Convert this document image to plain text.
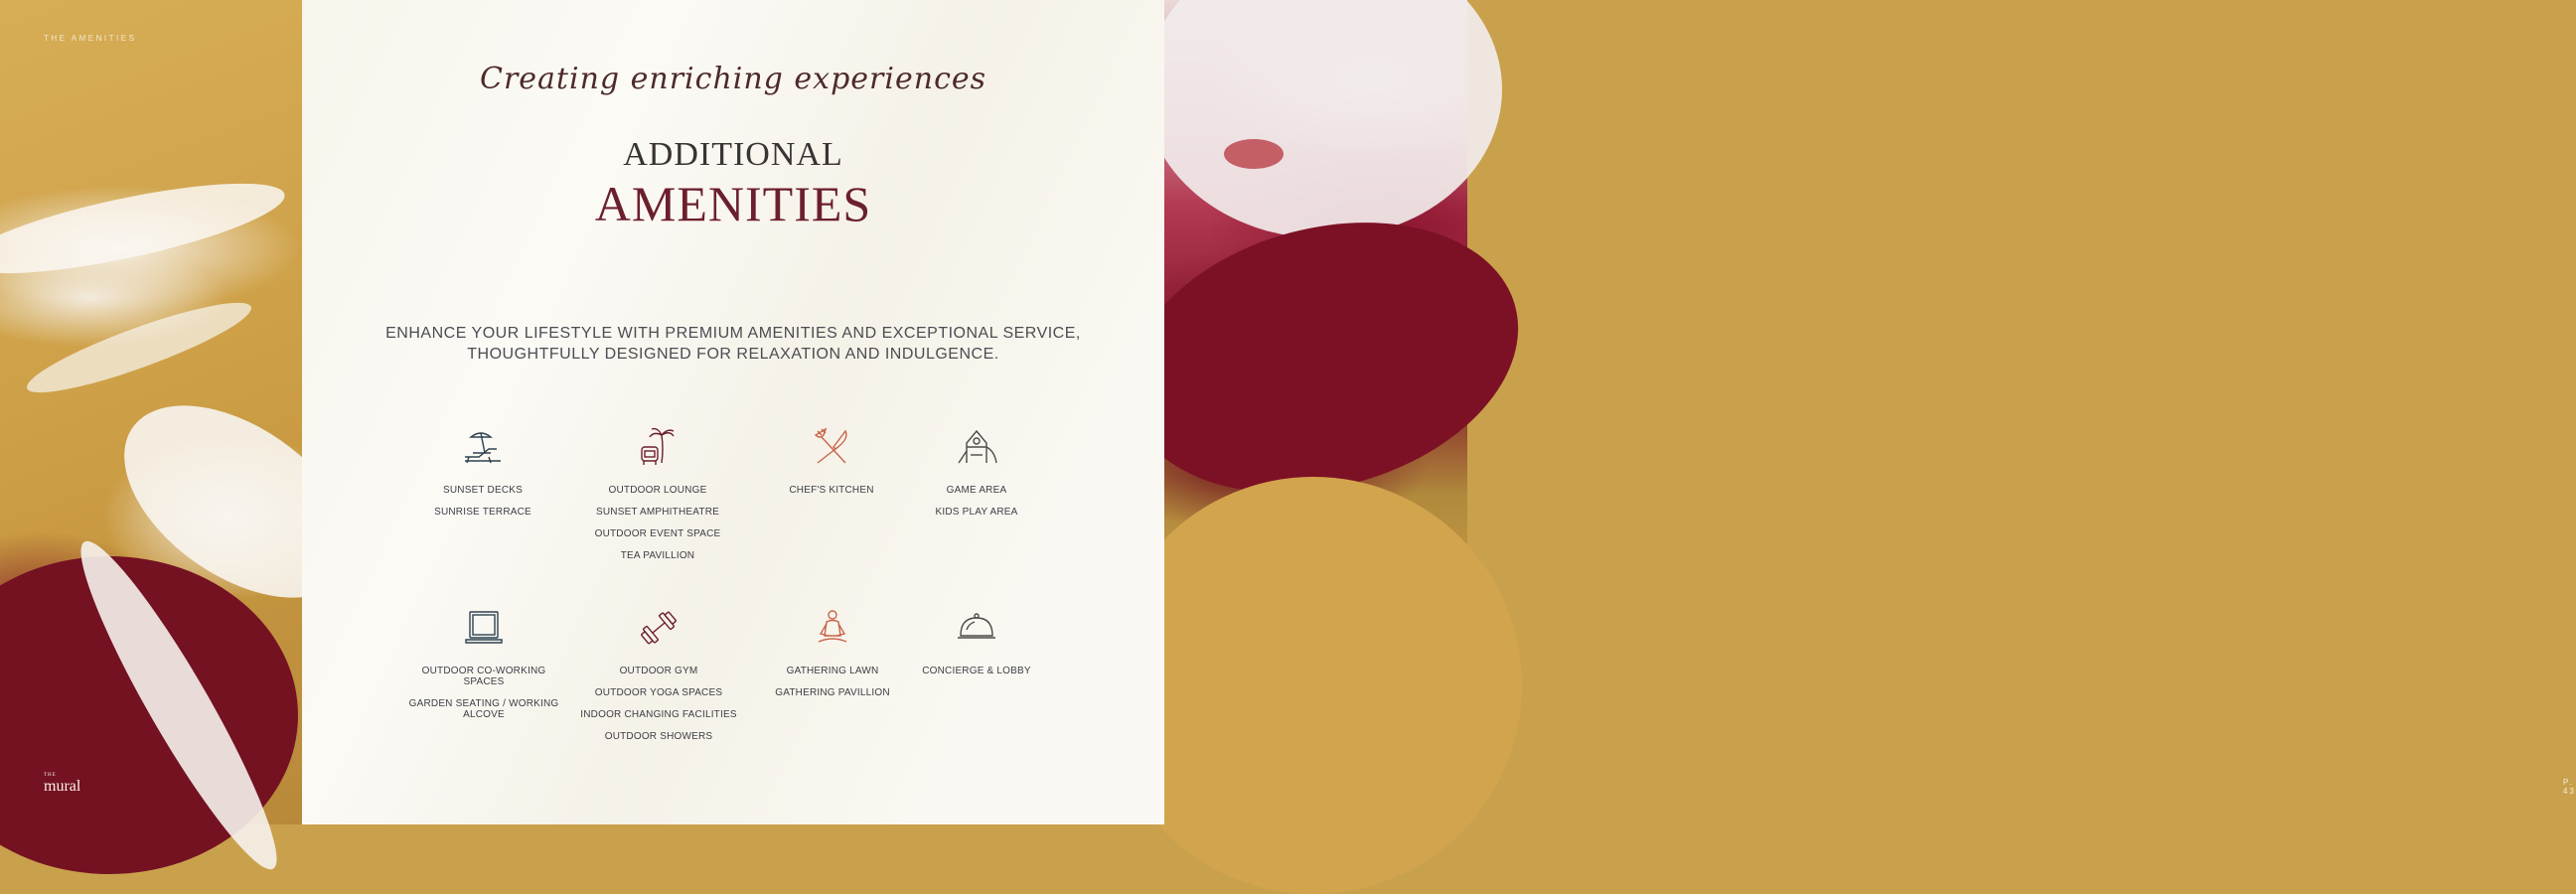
THE AMENITIES
THE
mural	P. 43
Creating enriching experiences
ADDITIONAL
AMENITIES
ENHANCE YOUR LIFESTYLE WITH PREMIUM AMENITIES AND EXCEPTIONAL SERVICE,
THOUGHTFULLY DESIGNED FOR RELAXATION AND INDULGENCE.
SUNSET DECKS
SUNRISE TERRACE
OUTDOOR LOUNGE
SUNSET AMPHITHEATRE
OUTDOOR EVENT SPACE
TEA PAVILLION
CHEF'S KITCHEN	GAME AREA
KIDS PLAY AREA
OUTDOOR CO-WORKING SPACES
GARDEN SEATING / WORKING ALCOVE
OUTDOOR GYM
OUTDOOR YOGA SPACES
INDOOR CHANGING FACILITIES
OUTDOOR SHOWERS
GATHERING LAWN
GATHERING PAVILLION
CONCIERGE & LOBBY
